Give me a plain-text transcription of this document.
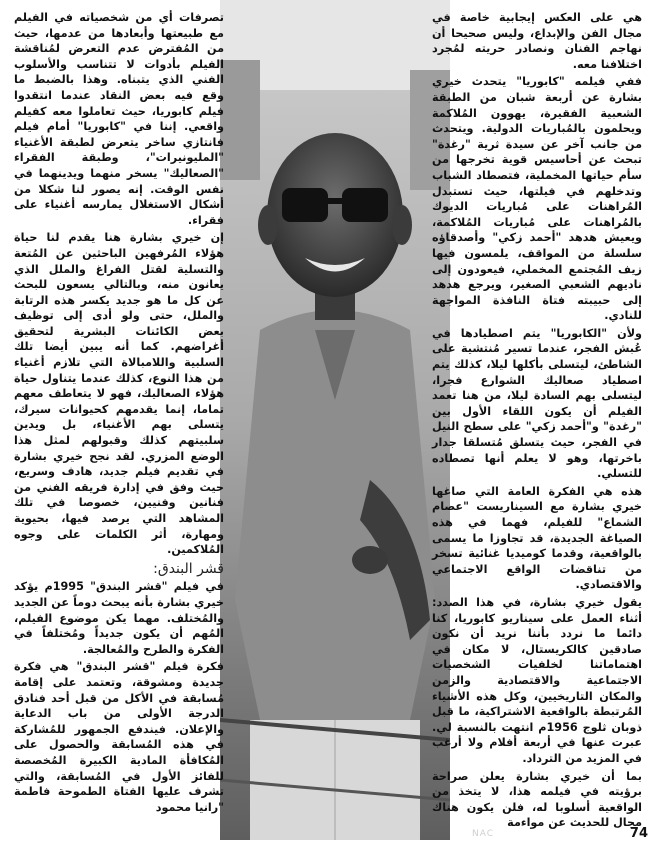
هي على العكس إيجابية خاصة في مجال الفن والإبداع، وليس صحيحا أن نهاجم الفنان ونصادر حريته لمُجرد اختلافنا معه.

ففي فيلمه "كابوريا" يتحدث خيري بشارة عن أربعة شبان من الطبقة الشعبية الفقيرة، يهوون المُلاكمة ويحلمون بالمُباريات الدولية. ويتحدث من جانب آخر عن سيدة ثرية "رغدة" تبحث عن أحاسيس قوية تخرجها من سأم حياتها المخملية، فتصطاد الشباب وتدخلهم في فيلتها، حيث تستبدل المُراهنات على مُباريات الديوك بالمُراهنات على مُباريات المُلاكمة، ويعيش هدهد "أحمد زكي" وأصدقاؤه سلسلة من المواقف، يلمسون فيها زيف المُجتمع المخملي، فيعودون إلى ناديهم الشعبي الصغير، ويرجع هدهد إلى حبيبته فتاة النافذة المواجهة للنادي.

ولأن "الكابوريا" يتم اصطيادها في عُبش الفجر، عندما تسير مُنتشية على الشاطئ، ليتسلى بأكلها ليلا، كذلك يتم اصطياد صعاليك الشوارع فجرا، ليتسلى بهم السادة ليلا، من هنا تعمد الفيلم أن يكون اللقاء الأول بين "رغدة" و"أحمد زكي" على سطح النيل في الفجر، حيث يتسلق مُتسلقا جدار باخرتها، وهو لا يعلم أنها تصطاده للتسلي.

هذه هي الفكرة العامة التي صاغها خيري بشارة مع السيناريست "عصام الشماع" للفيلم، فهما في هذه الصياغة الجديدة، قد تجاوزا ما يسمى بالواقعية، وقدما كوميديا غنائية تسخر من تناقضات الواقع الاجتماعي والاقتصادي.

يقول خيري بشارة، في هذا الصدد: أثناء العمل على سيناريو كابوريا، كنا دائما ما نردد بأننا نريد أن نكون صادقين كالكريستال، لا مكان في اهتماماتنا لخلفيات الشخصيات الاجتماعية والاقتصادية والزمن والمكان التاريخيين، وكل هذه الأشياء المُرتبطة بالواقعية الاشتراكية، ما قبل ذوبان ثلوج 1956م انتهت بالنسبة لي. عبرت عنها في أربعة أفلام ولا أرغب في المزيد من الترداد.

بما أن خيري بشارة يعلن صراحة برؤيته في فيلمه هذا، لا يتخذ من الواقعية أسلوبا له، فلن يكون هناك مجال للحديث عن مواءمة

تصرفات أي من شخصياته في الفيلم مع طبيعتها وأبعادها من عدمها، حيث من المُفترض عدم التعرض لمُناقشة الفيلم بأدوات لا تتناسب والأسلوب الفني الذي يتبناه. وهذا بالضبط ما وقع فيه بعض النقاد عندما انتقدوا فيلم كابوريا، حيث تعاملوا معه كفيلم واقعي. إننا في "كابوريا" أمام فيلم فانتازي ساخر يتعرض لطبقة الأغنياء "المليونيرات"، وطبقة الفقراء "الصعاليك" يسخر منهما ويدينهما في نفس الوقت. إنه يصور لنا شكلا من أشكال الاستغلال يمارسه أغنياء على فقراء.

إن خيري بشارة هنا يقدم لنا حياة هؤلاء المُرفهين الباحثين عن المُتعة والتسلية لقتل الفراغ والملل الذي يعانون منه، وبالتالي يسعون للبحث عن كل ما هو جديد يكسر هذه الرتابة والملل، حتى ولو أدى إلى توظيف بعض الكائنات البشرية لتحقيق أغراضهم. كما أنه يبين أيضا تلك السلبية واللامبالاة التي تلازم أغنياء من هذا النوع، كذلك عندما يتناول حياة هؤلاء الصعاليك، فهو لا يتعاطف معهم تماما، إنما يقدمهم كحيوانات سيرك، يتسلى بهم الأغنياء، بل ويدين سلبيتهم كذلك وقبولهم لمثل هذا الوضع المزري. لقد نجح خيري بشارة في تقديم فيلم جديد، هادف وسريع، حيث وفق في إدارة فريقه الفني من فنانين وفنيين، خصوصا في تلك المشاهد التي يرصد فيها، بحيوية ومهارة، أثر الكلمات على وجوه المُلاكمين.

قشر البندق:

في فيلم "قشر البندق" 1995م يؤكد خيري بشارة بأنه يبحث دوماً عن الجديد والمُختلف. مهما يكن موضوع الفيلم، المُهم أن يكون جديداً ومُختلفاً في الفكرة والطرح والمُعالجة.

فكرة فيلم "قشر البندق" هي فكرة جديدة ومشوقة، وتعتمد على إقامة مُسابقة في الأكل من قبل أحد فنادق الدرجة الأولى من باب الدعاية والإعلان. فيندفع الجمهور للمُشاركة في هذه المُسابقة والحصول على المُكافأة المادية الكبيرة المُخصصة للفائز الأول في المُسابقة، والتي تشرف عليها الفتاة الطموحة فاطمة "رانيا محمود

NAC	74
